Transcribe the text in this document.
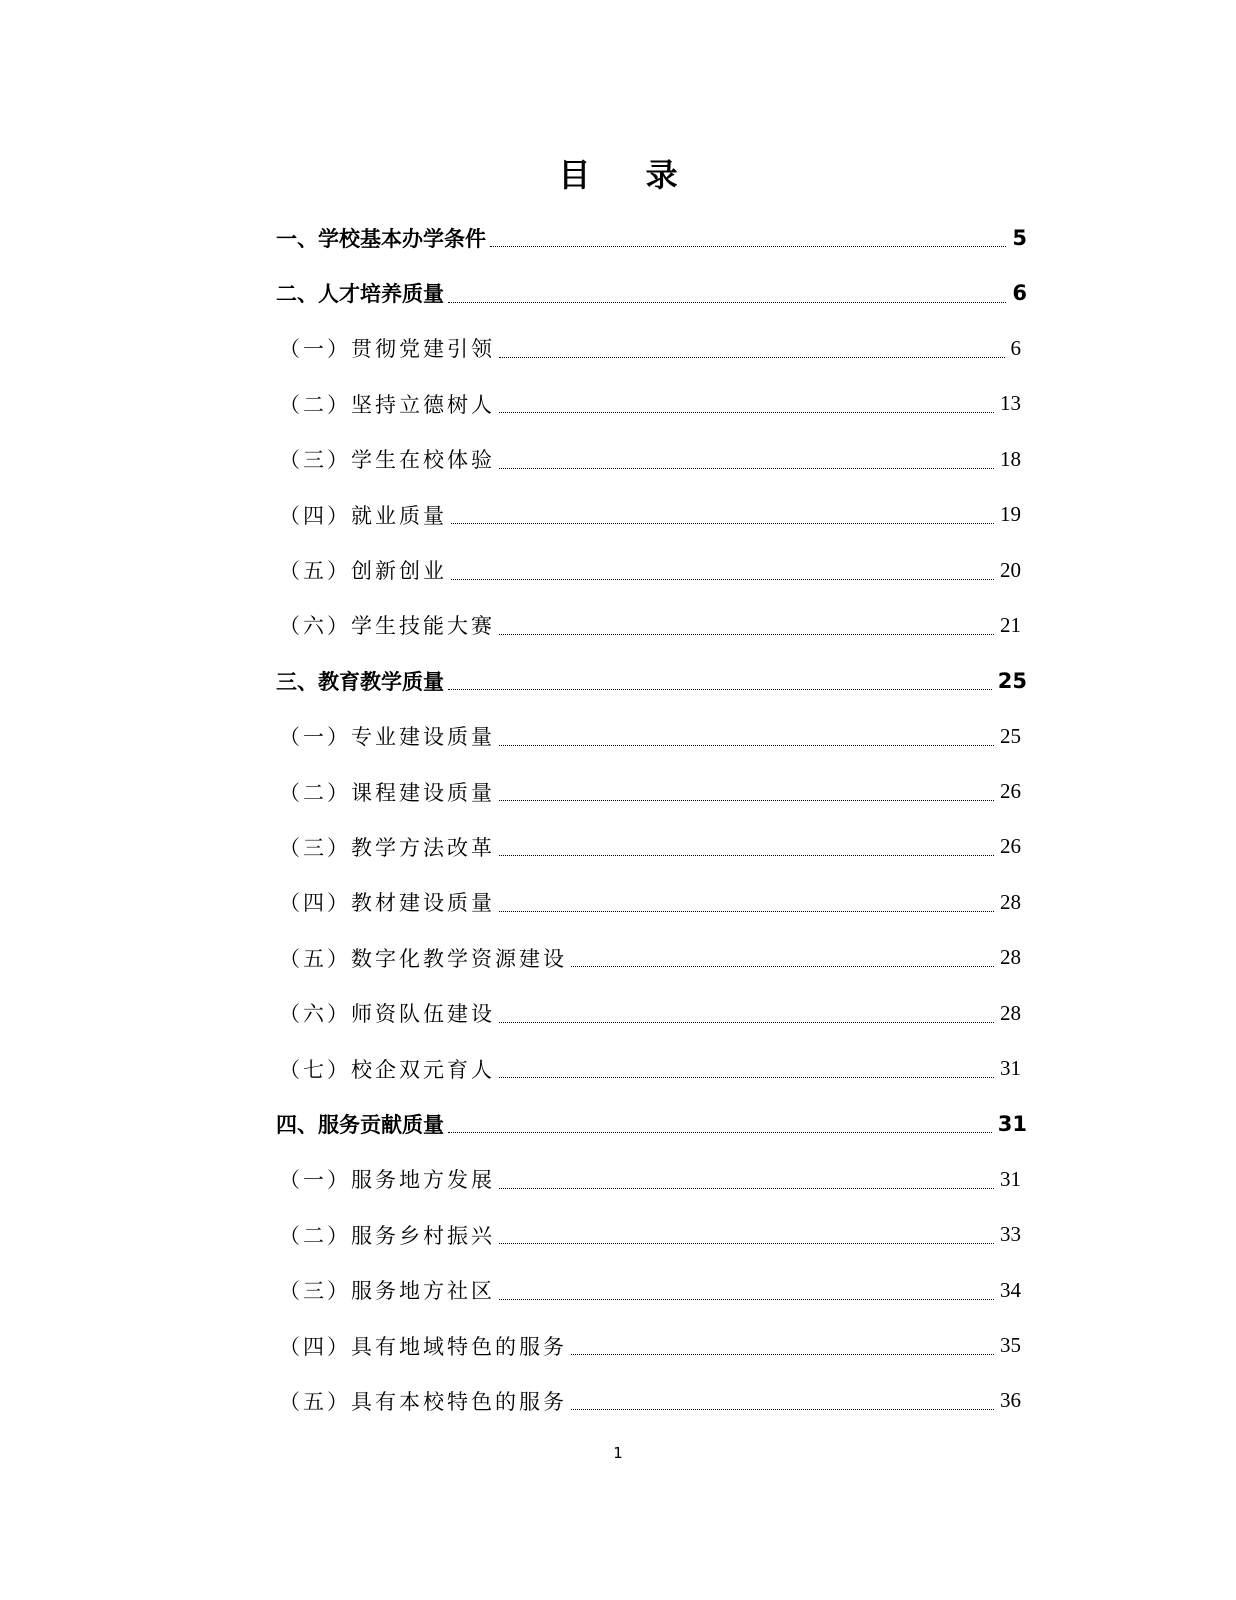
目 录
一、学校基本办学条件	5
二、人才培养质量	6
（一）贯彻党建引领	6
（二）坚持立德树人	13
（三）学生在校体验	18
（四）就业质量	19
（五）创新创业	20
（六）学生技能大赛	21
三、教育教学质量	25
（一）专业建设质量	25
（二）课程建设质量	26
（三）教学方法改革	26
（四）教材建设质量	28
（五）数字化教学资源建设	28
（六）师资队伍建设	28
（七）校企双元育人	31
四、服务贡献质量	31
（一）服务地方发展	31
（二）服务乡村振兴	33
（三）服务地方社区	34
（四）具有地域特色的服务	35
（五）具有本校特色的服务	36
1
